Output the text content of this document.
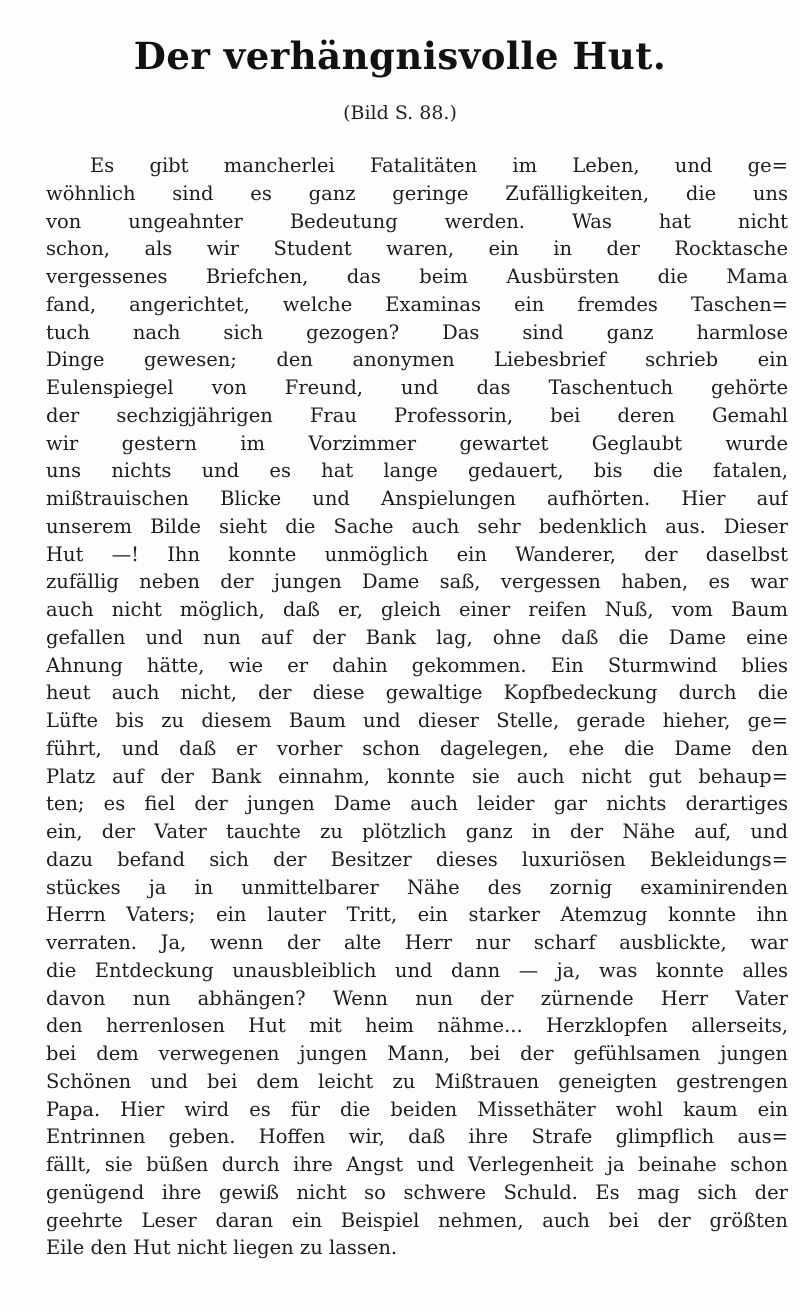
Der verhängnisvolle Hut.
(Bild S. 88.)
Es gibt mancherlei Fatalitäten im Leben, und ge=
wöhnlich sind es ganz geringe Zufälligkeiten, die uns
von ungeahnter Bedeutung werden. Was hat nicht
schon, als wir Student waren, ein in der Rocktasche
vergessenes Briefchen, das beim Ausbürsten die Mama
fand, angerichtet, welche Examinas ein fremdes Taschen=
tuch nach sich gezogen? Das sind ganz harmlose
Dinge gewesen; den anonymen Liebesbrief schrieb ein
Eulenspiegel von Freund, und das Taschentuch gehörte
der sechzigjährigen Frau Professorin, bei deren Gemahl
wir gestern im Vorzimmer gewartet Geglaubt wurde
uns nichts und es hat lange gedauert, bis die fatalen,
mißtrauischen Blicke und Anspielungen aufhörten. Hier auf
unserem Bilde sieht die Sache auch sehr bedenklich aus. Dieser
Hut —! Ihn konnte unmöglich ein Wanderer, der daselbst
zufällig neben der jungen Dame saß, vergessen haben, es war
auch nicht möglich, daß er, gleich einer reifen Nuß, vom Baum
gefallen und nun auf der Bank lag, ohne daß die Dame eine
Ahnung hätte, wie er dahin gekommen. Ein Sturmwind blies
heut auch nicht, der diese gewaltige Kopfbedeckung durch die
Lüfte bis zu diesem Baum und dieser Stelle, gerade hieher, ge=
führt, und daß er vorher schon dagelegen, ehe die Dame den
Platz auf der Bank einnahm, konnte sie auch nicht gut behaup=
ten; es fiel der jungen Dame auch leider gar nichts derartiges
ein, der Vater tauchte zu plötzlich ganz in der Nähe auf, und
dazu befand sich der Besitzer dieses luxuriösen Bekleidungs=
stückes ja in unmittelbarer Nähe des zornig examinirenden
Herrn Vaters; ein lauter Tritt, ein starker Atemzug konnte ihn
verraten. Ja, wenn der alte Herr nur scharf ausblickte, war
die Entdeckung unausbleiblich und dann — ja, was konnte alles
davon nun abhängen? Wenn nun der zürnende Herr Vater
den herrenlosen Hut mit heim nähme... Herzklopfen allerseits,
bei dem verwegenen jungen Mann, bei der gefühlsamen jungen
Schönen und bei dem leicht zu Mißtrauen geneigten gestrengen
Papa. Hier wird es für die beiden Missethäter wohl kaum ein
Entrinnen geben. Hoffen wir, daß ihre Strafe glimpflich aus=
fällt, sie büßen durch ihre Angst und Verlegenheit ja beinahe schon
genügend ihre gewiß nicht so schwere Schuld. Es mag sich der
geehrte Leser daran ein Beispiel nehmen, auch bei der größten
Eile den Hut nicht liegen zu lassen.
